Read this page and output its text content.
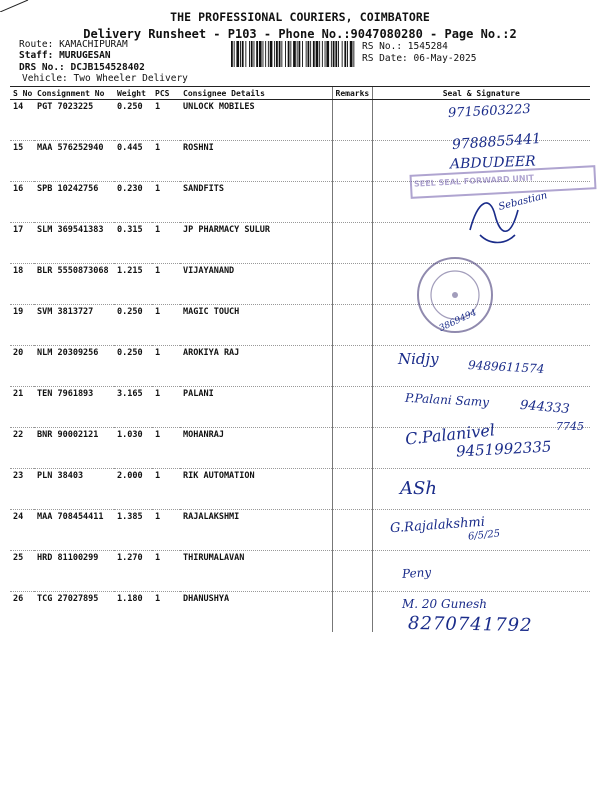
THE PROFESSIONAL COURIERS, COIMBATORE
Delivery Runsheet - P103 - Phone No.:9047080280 - Page No.:2
Route: KAMACHIPURAM
Staff: MURUGESAN
DRS No.: DCJB154528402
Vehicle: Two Wheeler Delivery
RS No.: 1545284
RS Date: 06-May-2025
S No	Consignment No	Weight	PCS	Consignee Details	Remarks	Seal & Signature
14	PGT 7023225	0.250	1	UNLOCK MOBILES		
15	MAA 576252940	0.445	1	ROSHNI		
16	SPB 10242756	0.230	1	SANDFITS		
17	SLM 369541383	0.315	1	JP PHARMACY SULUR		
18	BLR 5550873068	1.215	1	VIJAYANAND		
19	SVM 3813727	0.250	1	MAGIC TOUCH		
20	NLM 20309256	0.250	1	AROKIYA RAJ		
21	TEN 7961893	3.165	1	PALANI		
22	BNR 90002121	1.030	1	MOHANRAJ		
23	PLN 38403	2.000	1	RIK AUTOMATION		
24	MAA 708454411	1.385	1	RAJALAKSHMI		
25	HRD 81100299	1.270	1	THIRUMALAVAN		
26	TCG 27027895	1.180	1	DHANUSHYA		
SEEL SEAL FORWARD UNIT
9715603223
9788855441
ABDUDEER
Sebastian
3869494
Nidjy 9489611574
P.Palani Samy 944333
C.Palanivel	7745
9451992335
ASh
G.Rajalakshmi
6/5/25
Peny
M. 20 Gunesh
8270741792
